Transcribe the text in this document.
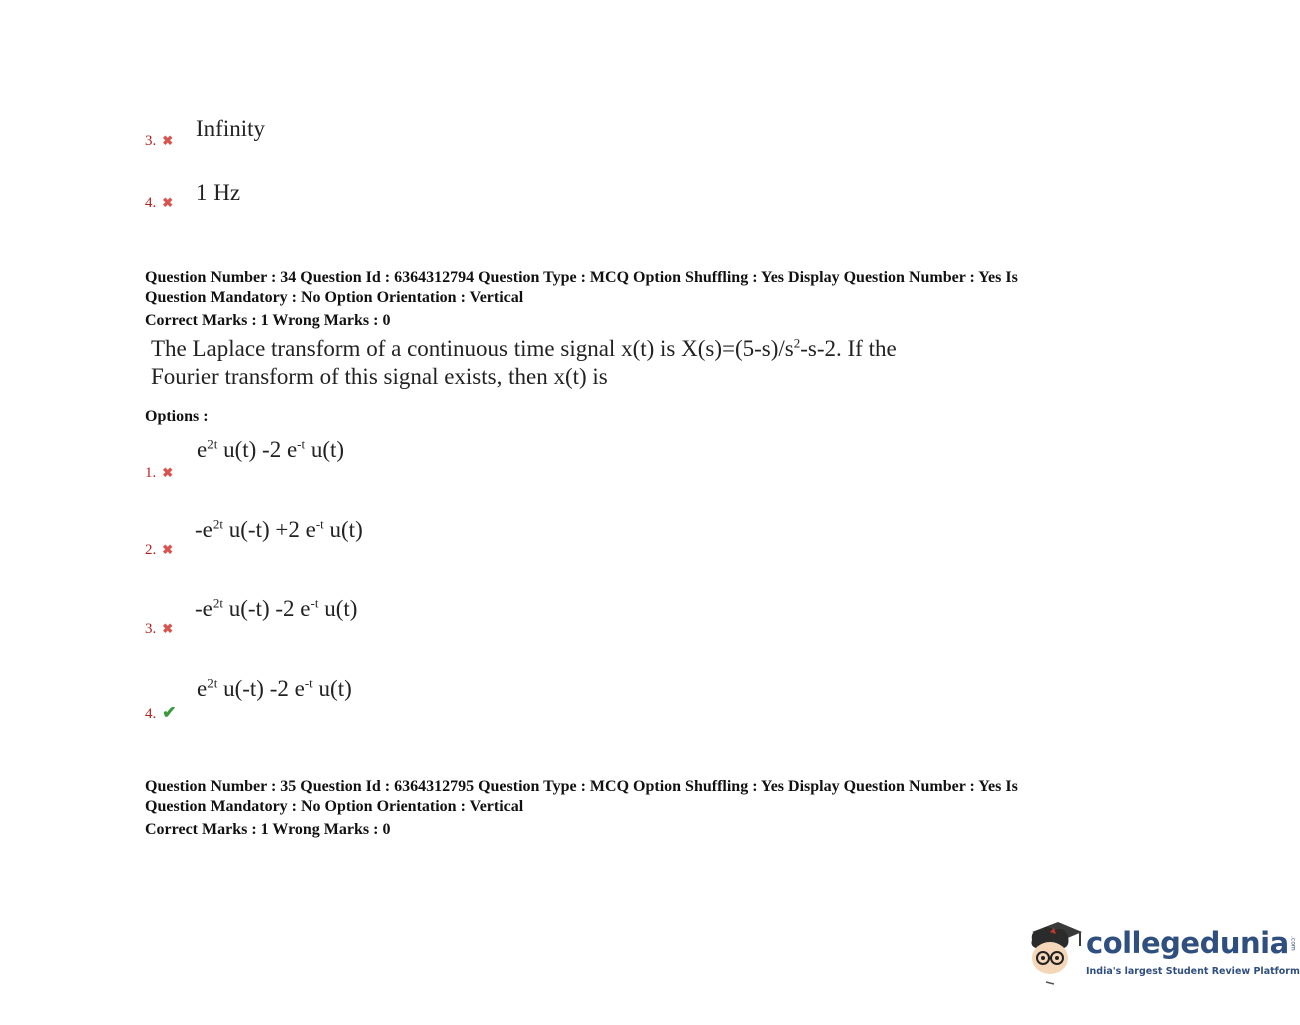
3. ✖ Infinity
4. ✖ 1 Hz
Question Number : 34 Question Id : 6364312794 Question Type : MCQ Option Shuffling : Yes Display Question Number : Yes Is
Question Mandatory : No Option Orientation : Vertical
Correct Marks : 1 Wrong Marks : 0
The Laplace transform of a continuous time signal x(t) is $X(s)=(5-s)/s^2-s-2$. If the
Fourier transform of this signal exists, then x(t) is
Options :
$e^{2t}$ u(t) -2 $e^{-t}$ u(t)
1. ✖
$-e^{2t}$ u(-t) +2 $e^{-t}$ u(t)
2. ✖
$-e^{2t}$ u(-t) -2 $e^{-t}$ u(t)
3. ✖
$e^{2t}$ u(-t) -2 $e^{-t}$ u(t)
4. ✔
Question Number : 35 Question Id : 6364312795 Question Type : MCQ Option Shuffling : Yes Display Question Number : Yes Is
Question Mandatory : No Option Orientation : Vertical
Correct Marks : 1 Wrong Marks : 0
collegedunia .com
India's largest Student Review Platform
